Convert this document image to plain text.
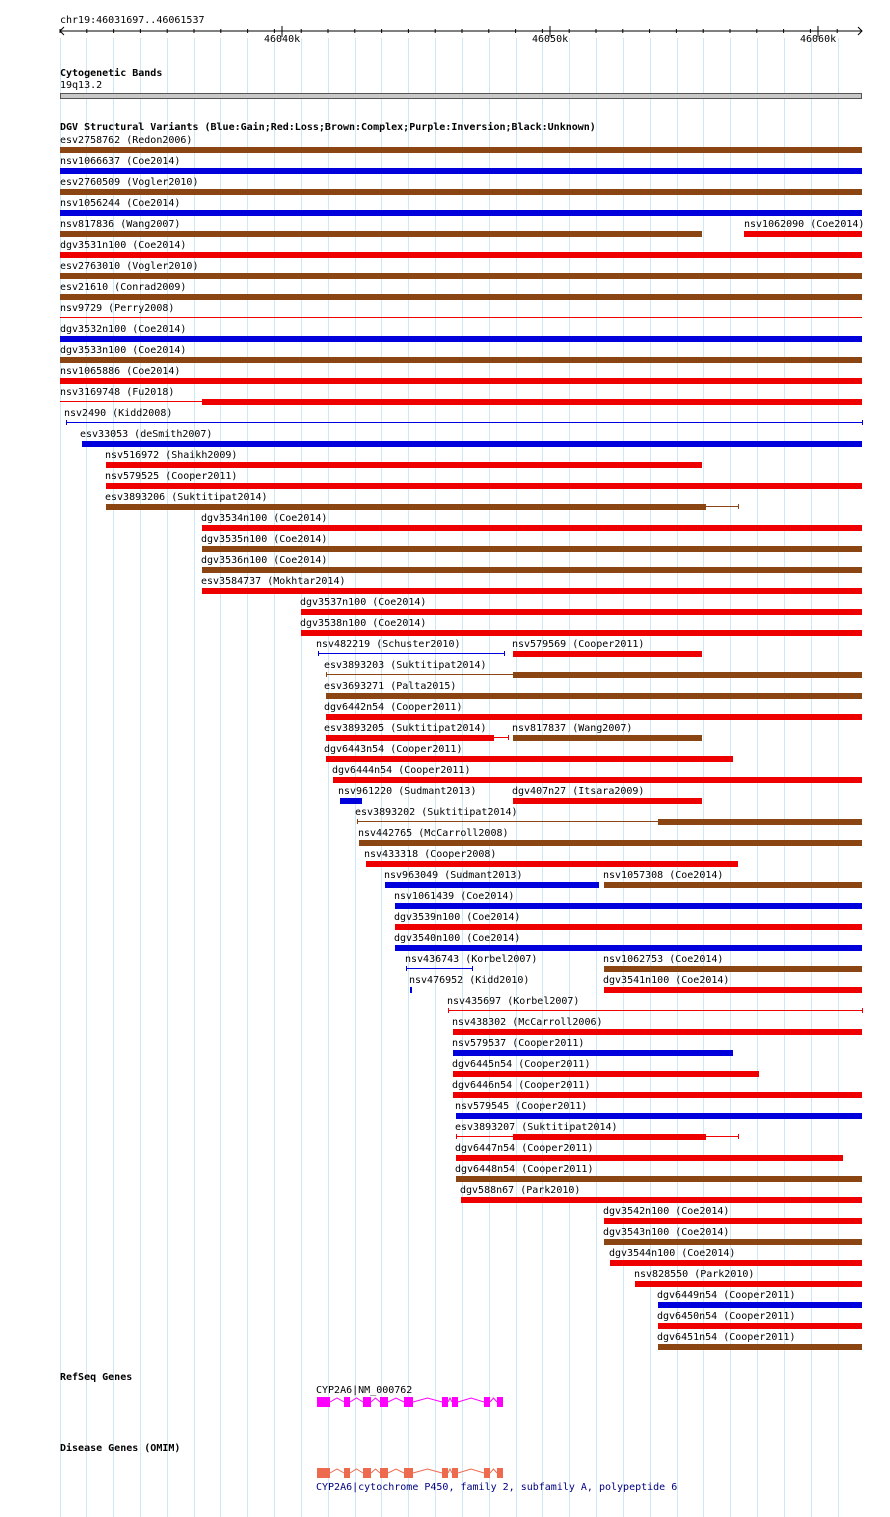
chr19:46031697..46061537
46040k	46050k	46060k
Cytogenetic Bands
19q13.2
DGV Structural Variants (Blue:Gain;Red:Loss;Brown:Complex;Purple:Inversion;Black:Unknown)
esv2758762 (Redon2006)
nsv1066637 (Coe2014)
esv2760509 (Vogler2010)
nsv1056244 (Coe2014)
nsv817836 (Wang2007)	nsv1062090 (Coe2014)
dgv3531n100 (Coe2014)
esv2763010 (Vogler2010)
esv21610 (Conrad2009)
nsv9729 (Perry2008)
dgv3532n100 (Coe2014)
dgv3533n100 (Coe2014)
nsv1065886 (Coe2014)
nsv3169748 (Fu2018)
nsv2490 (Kidd2008)
esv33053 (deSmith2007)
nsv516972 (Shaikh2009)
nsv579525 (Cooper2011)
esv3893206 (Suktitipat2014)
dgv3534n100 (Coe2014)
dgv3535n100 (Coe2014)
dgv3536n100 (Coe2014)
esv3584737 (Mokhtar2014)
dgv3537n100 (Coe2014)
dgv3538n100 (Coe2014)
nsv482219 (Schuster2010)	nsv579569 (Cooper2011)
esv3893203 (Suktitipat2014)
esv3693271 (Palta2015)
dgv6442n54 (Cooper2011)
esv3893205 (Suktitipat2014)	nsv817837 (Wang2007)
dgv6443n54 (Cooper2011)
dgv6444n54 (Cooper2011)
nsv961220 (Sudmant2013)	dgv407n27 (Itsara2009)
esv3893202 (Suktitipat2014)
nsv442765 (McCarroll2008)
nsv433318 (Cooper2008)
nsv963049 (Sudmant2013)	nsv1057308 (Coe2014)
nsv1061439 (Coe2014)
dgv3539n100 (Coe2014)
dgv3540n100 (Coe2014)
nsv436743 (Korbel2007)	nsv1062753 (Coe2014)
nsv476952 (Kidd2010)	dgv3541n100 (Coe2014)
nsv435697 (Korbel2007)
nsv438302 (McCarroll2006)
nsv579537 (Cooper2011)
dgv6445n54 (Cooper2011)
dgv6446n54 (Cooper2011)
nsv579545 (Cooper2011)
esv3893207 (Suktitipat2014)
dgv6447n54 (Cooper2011)
dgv6448n54 (Cooper2011)
dgv588n67 (Park2010)
dgv3542n100 (Coe2014)
dgv3543n100 (Coe2014)
dgv3544n100 (Coe2014)
nsv828550 (Park2010)
dgv6449n54 (Cooper2011)
dgv6450n54 (Cooper2011)
dgv6451n54 (Cooper2011)
RefSeq Genes
CYP2A6|NM_000762
Disease Genes (OMIM)
CYP2A6|cytochrome P450, family 2, subfamily A, polypeptide 6
